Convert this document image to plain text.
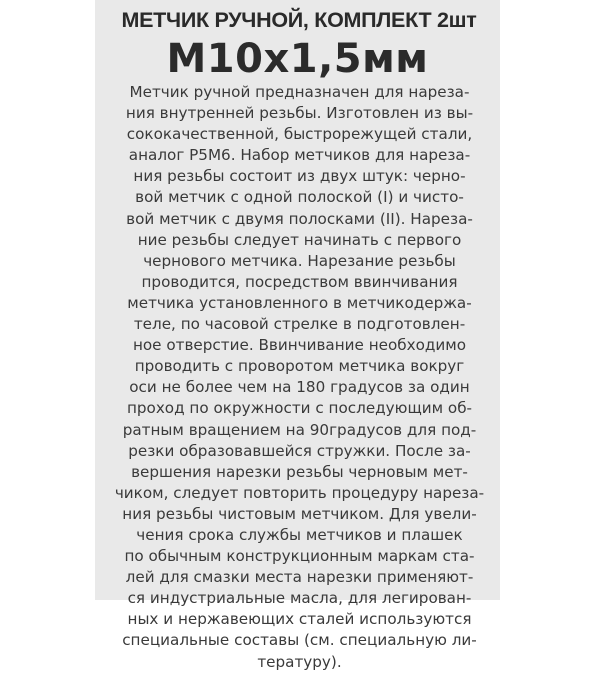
МЕТЧИК РУЧНОЙ, КОМПЛЕКТ 2шт
М10х1,5мм
Метчик ручной предназначен для нареза-
ния внутренней резьбы. Изготовлен из вы-
сококачественной, быстрорежущей стали,
аналог Р5М6. Набор метчиков для нареза-
ния резьбы состоит из двух штук: черно-
вой метчик с одной полоской (I) и чисто-
вой метчик с двумя полосками (II). Нареза-
ние резьбы следует начинать с первого
чернового метчика. Нарезание резьбы
проводится, посредством ввинчивания
метчика установленного в метчикодержа-
теле, по часовой стрелке в подготовлен-
ное отверстие. Ввинчивание необходимо
проводить с проворотом метчика вокруг
оси не более чем на 180 градусов за один
проход по окружности с последующим об-
ратным вращением на 90градусов для под-
резки образовавшейся стружки. После за-
вершения нарезки резьбы черновым мет-
чиком, следует повторить процедуру нареза-
ния резьбы чистовым метчиком. Для увели-
чения срока службы метчиков и плашек
по обычным конструкционным маркам ста-
лей для смазки места нарезки применяют-
ся индустриальные масла, для легирован-
ных и нержавеющих сталей используются
специальные составы (см. специальную ли-
тературу).
